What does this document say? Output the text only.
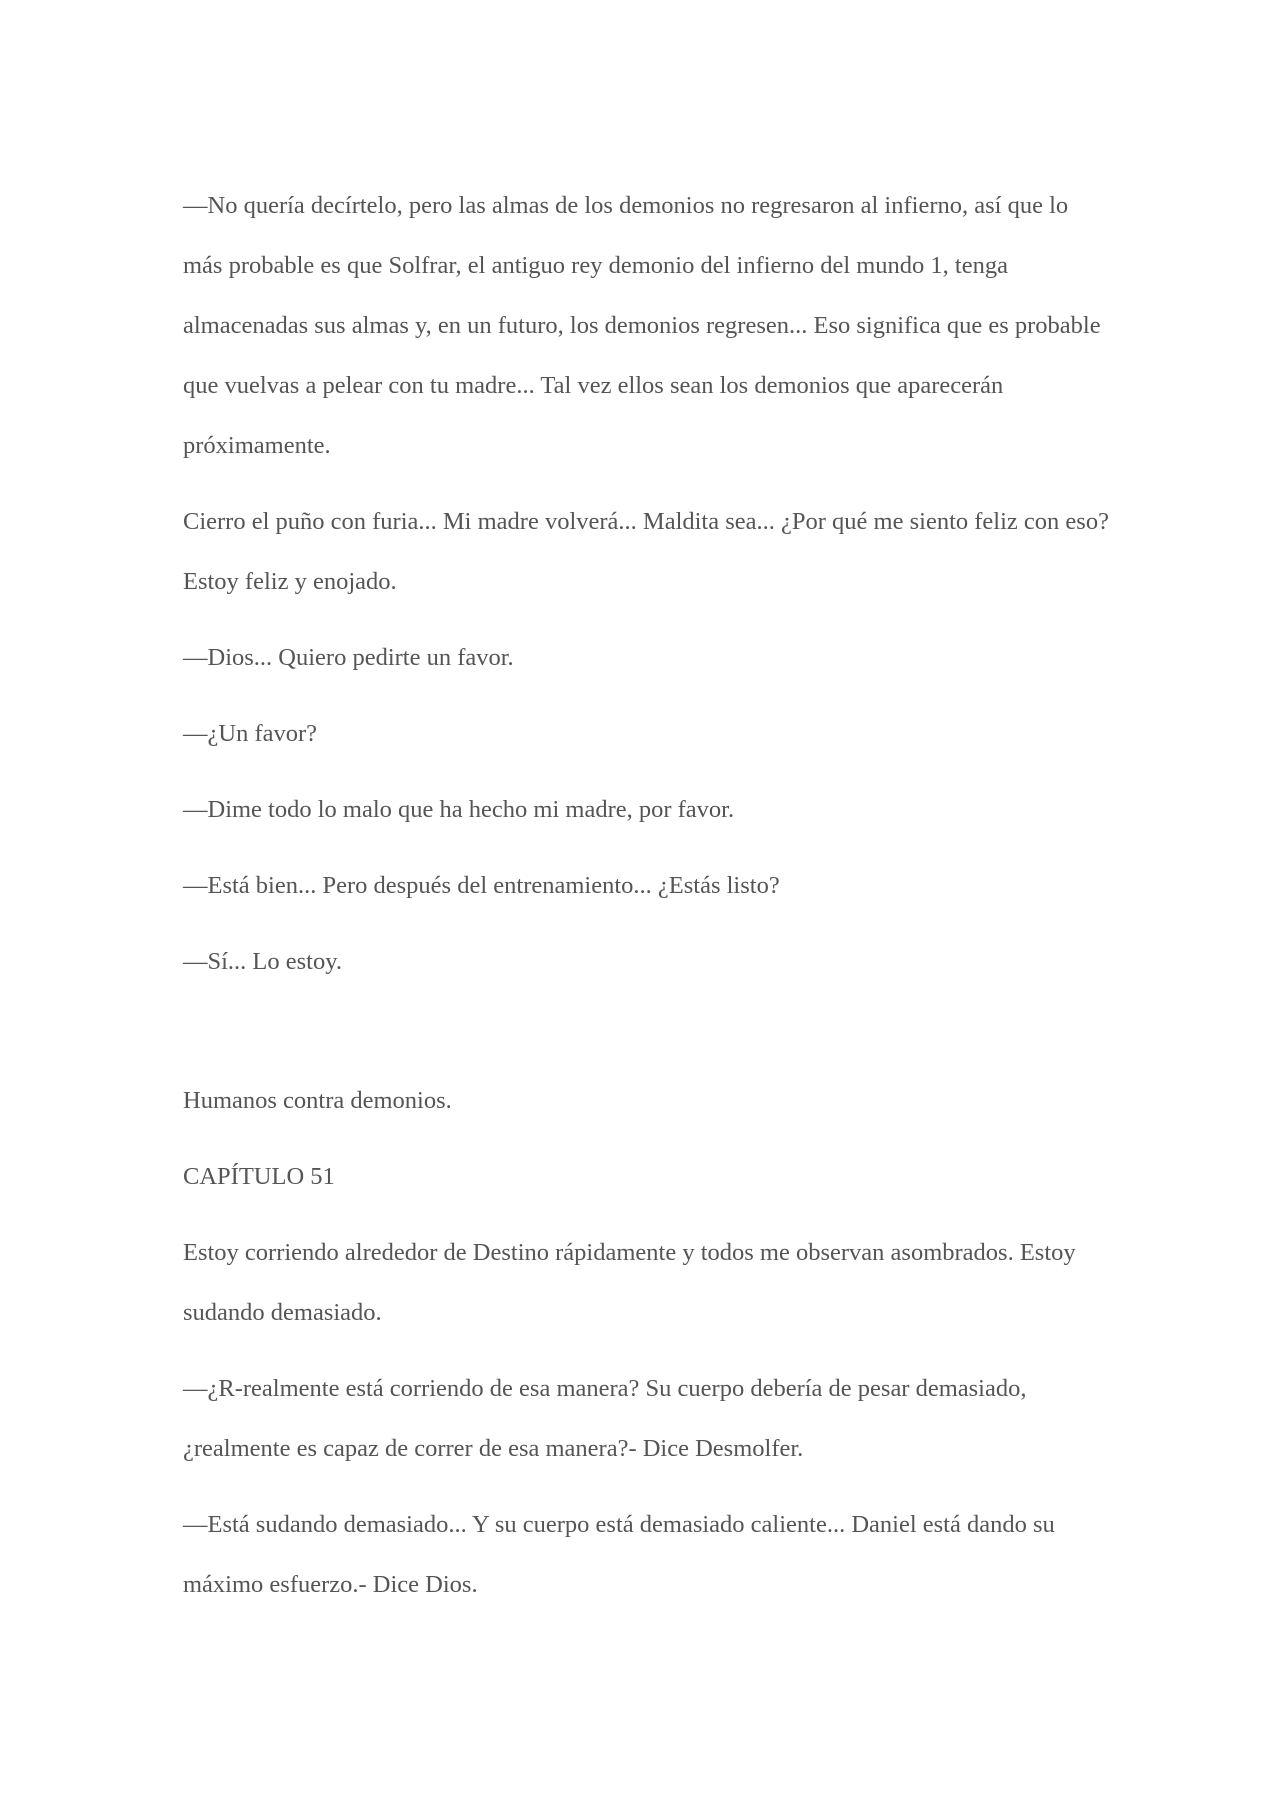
—No quería decírtelo, pero las almas de los demonios no regresaron al infierno, así que lo más probable es que Solfrar, el antiguo rey demonio del infierno del mundo 1, tenga almacenadas sus almas y, en un futuro, los demonios regresen... Eso significa que es probable que vuelvas a pelear con tu madre... Tal vez ellos sean los demonios que aparecerán próximamente.

Cierro el puño con furia... Mi madre volverá... Maldita sea... ¿Por qué me siento feliz con eso? Estoy feliz y enojado.

—Dios... Quiero pedirte un favor.

—¿Un favor?

—Dime todo lo malo que ha hecho mi madre, por favor.

—Está bien... Pero después del entrenamiento... ¿Estás listo?

—Sí... Lo estoy.

Humanos contra demonios.

CAPÍTULO 51

Estoy corriendo alrededor de Destino rápidamente y todos me observan asombrados. Estoy sudando demasiado.

—¿R-realmente está corriendo de esa manera? Su cuerpo debería de pesar demasiado, ¿realmente es capaz de correr de esa manera?- Dice Desmolfer.

—Está sudando demasiado... Y su cuerpo está demasiado caliente... Daniel está dando su máximo esfuerzo.- Dice Dios.
